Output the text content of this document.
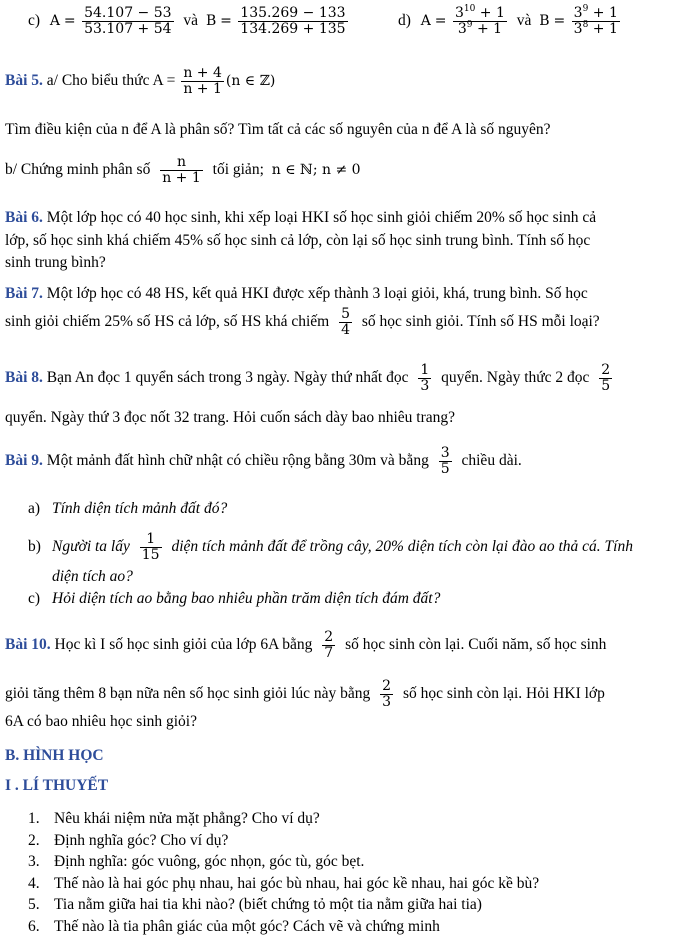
c) $A = \frac{54.107 - 53}{53.107 + 54}$ và $B = \frac{135.269 - 133}{134.269 + 135}$	d) $A = \frac{3^{10} + 1}{3^9 + 1}$ và $B = \frac{3^9 + 1}{3^8 + 1}$
Bài 5. a/ Cho biểu thức $A = \frac{n + 4}{n + 1} (n$ ∈ ℤ)
Tìm điều kiện của n để A là phân số? Tìm tất cả các số nguyên của n để A là số nguyên?
b/ Chứng minh phân số $\frac{n}{n + 1}$ tối giản; n ∈ ℕ; n ≠ 0
Bài 6. Một lớp học có 40 học sinh, khi xếp loại HKI số học sinh giỏi chiếm 20% số học sinh cả
lớp, số học sinh khá chiếm 45% số học sinh cả lớp, còn lại số học sinh trung bình. Tính số học
sinh trung bình?
Bài 7. Một lớp học có 48 HS, kết quả HKI được xếp thành 3 loại giỏi, khá, trung bình. Số học
sinh giỏi chiếm 25% số HS cả lớp, số HS khá chiếm $\frac{5}{4}$ số học sinh giỏi. Tính số HS mỗi loại?
Bài 8. Bạn An đọc 1 quyển sách trong 3 ngày. Ngày thứ nhất đọc $\frac{1}{3}$ quyển. Ngày thức 2 đọc $\frac{2}{5}$
quyển. Ngày thứ 3 đọc nốt 32 trang. Hỏi cuốn sách dày bao nhiêu trang?
Bài 9. Một mảnh đất hình chữ nhật có chiều rộng bằng 30m và bằng $\frac{3}{5}$ chiều dài.
a) Tính diện tích mảnh đất đó?
b) Người ta lấy $\frac{1}{15}$ diện tích mảnh đất để trồng cây, 20% diện tích còn lại đào ao thả cá. Tính
diện tích ao?
c) Hỏi diện tích ao bằng bao nhiêu phần trăm diện tích đám đất?
Bài 10. Học kì I số học sinh giỏi của lớp 6A bằng $\frac{2}{7}$ số học sinh còn lại. Cuối năm, số học sinh
giỏi tăng thêm 8 bạn nữa nên số học sinh giỏi lúc này bằng $\frac{2}{3}$ số học sinh còn lại. Hỏi HKI lớp
6A có bao nhiêu học sinh giỏi?
B. HÌNH HỌC
I . LÍ THUYẾT
1. Nêu khái niệm nửa mặt phẳng? Cho ví dụ?
2. Định nghĩa góc? Cho ví dụ?
3. Định nghĩa: góc vuông, góc nhọn, góc tù, góc bẹt.
4. Thế nào là hai góc phụ nhau, hai góc bù nhau, hai góc kề nhau, hai góc kề bù?
5. Tia nằm giữa hai tia khi nào? (biết chứng tỏ một tia nằm giữa hai tia)
6. Thế nào là tia phân giác của một góc? Cách vẽ và chứng minh
